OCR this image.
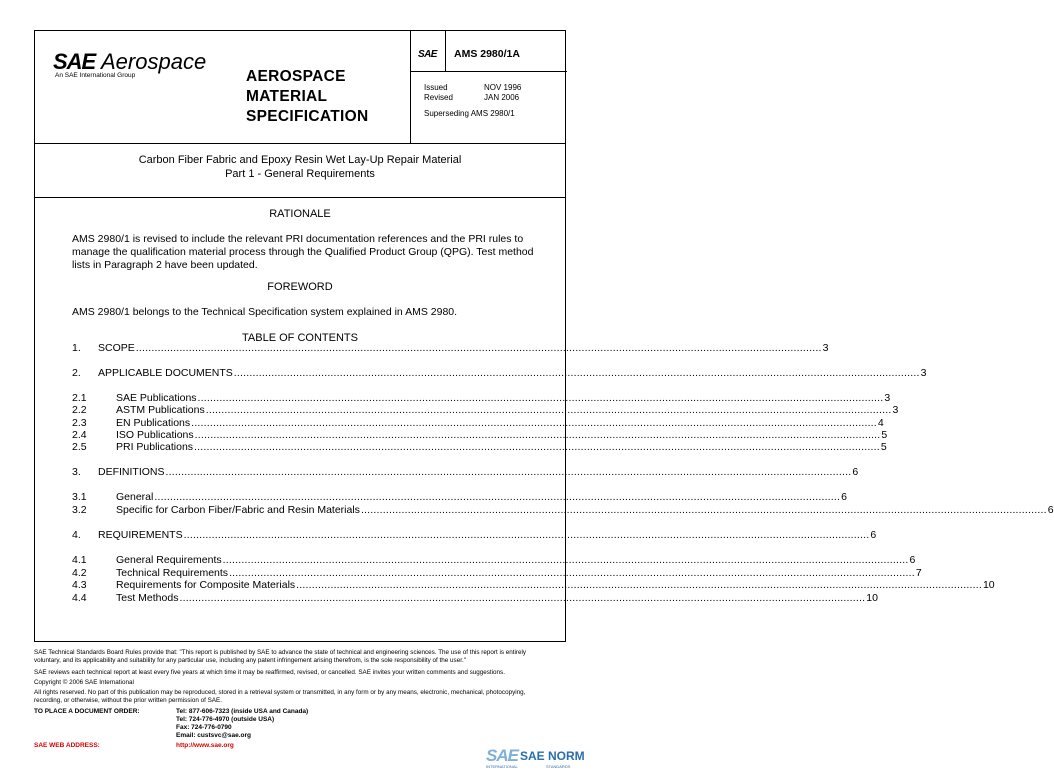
SAE Aerospace
An SAE International Group	AEROSPACE
MATERIAL
SPECIFICATION
SAE AMS 2980/1A
Issued	NOV 1996
Revised	JAN 2006
Superseding AMS 2980/1
Carbon Fiber Fabric and Epoxy Resin Wet Lay-Up Repair Material
Part 1 - General Requirements
RATIONALE
AMS 2980/1 is revised to include the relevant PRI documentation references and the PRI rules to
manage the qualification material process through the Qualified Product Group (QPG). Test method
lists in Paragraph 2 have been updated.
FOREWORD
AMS 2980/1 belongs to the Technical Specification system explained in AMS 2980.
TABLE OF CONTENTS
1. SCOPE ............................................................................................................................................................................................................................ 3
2. APPLICABLE DOCUMENTS ............................................................................................................................................................................................................................ 3
2.1	SAE Publications ............................................................................................................................................................................................................................ 3
2.2	ASTM Publications ............................................................................................................................................................................................................................ 3
2.3	EN Publications ............................................................................................................................................................................................................................ 4
2.4	ISO Publications ............................................................................................................................................................................................................................ 5
2.5	PRI Publications ............................................................................................................................................................................................................................ 5
3. DEFINITIONS ............................................................................................................................................................................................................................ 6
3.1	General ............................................................................................................................................................................................................................ 6
3.2	Specific for Carbon Fiber/Fabric and Resin Materials ............................................................................................................................................................................................................................ 6
4. REQUIREMENTS ............................................................................................................................................................................................................................ 6
4.1	General Requirements ............................................................................................................................................................................................................................ 6
4.2	Technical Requirements ............................................................................................................................................................................................................................ 7
4.3	Requirements for Composite Materials ............................................................................................................................................................................................................................ 10
4.4	Test Methods ............................................................................................................................................................................................................................ 10
SAE Technical Standards Board Rules provide that: "This report is published by SAE to advance the state of technical and engineering sciences. The use of this report is entirely
voluntary, and its applicability and suitability for any particular use, including any patent infringement arising therefrom, is the sole responsibility of the user."
SAE reviews each technical report at least every five years at which time it may be reaffirmed, revised, or cancelled. SAE invites your written comments and suggestions.
Copyright © 2006 SAE International
All rights reserved. No part of this publication may be reproduced, stored in a retrieval system or transmitted, in any form or by any means, electronic, mechanical, photocopying,
recording, or otherwise, without the prior written permission of SAE.
TO PLACE A DOCUMENT ORDER:	Tel: 877-606-7323 (inside USA and Canada)
Tel: 724-776-4970 (outside USA)
Fax: 724-776-0790
Email: custsvc@sae.org
SAE WEB ADDRESS:	http://www.sae.org
SAE SAE NORM
INTERNATIONAL	STANDARDS
